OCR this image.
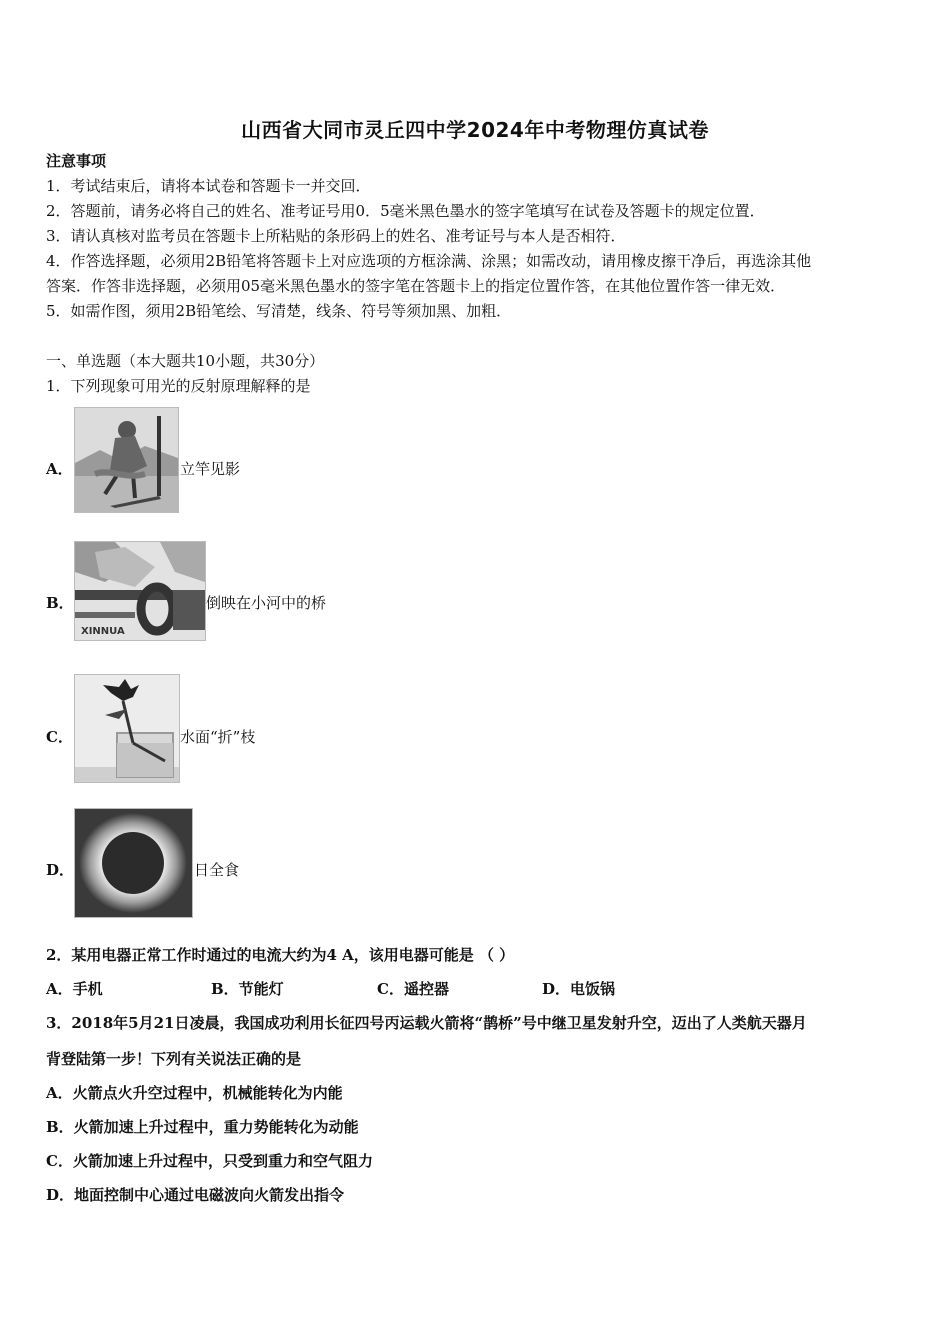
山西省大同市灵丘四中学2024年中考物理仿真试卷
注意事项
1．考试结束后，请将本试卷和答题卡一并交回．
2．答题前，请务必将自己的姓名、准考证号用0．5毫米黑色墨水的签字笔填写在试卷及答题卡的规定位置．
3．请认真核对监考员在答题卡上所粘贴的条形码上的姓名、准考证号与本人是否相符．
4．作答选择题，必须用2B铅笔将答题卡上对应选项的方框涂满、涂黑；如需改动，请用橡皮擦干净后，再选涂其他
答案．作答非选择题，必须用05毫米黑色墨水的签字笔在答题卡上的指定位置作答，在其他位置作答一律无效．
5．如需作图，须用2B铅笔绘、写清楚，线条、符号等须加黑、加粗．
一、单选题（本大题共10小题，共30分）
1．下列现象可用光的反射原理解释的是
A．	立竿见影
B．
XINNUA
倒映在小河中的桥
C．	水面“折”枝
D．	日全食
2．某用电器正常工作时通过的电流大约为4 A，该用电器可能是 （ ）
A．手机	B．节能灯	C．遥控器	D．电饭锅
3．2018年5月21日凌晨，我国成功利用长征四号丙运载火箭将“鹊桥”号中继卫星发射升空，迈出了人类航天器月
背登陆第一步！下列有关说法正确的是
A．火箭点火升空过程中，机械能转化为内能
B．火箭加速上升过程中，重力势能转化为动能
C．火箭加速上升过程中，只受到重力和空气阻力
D．地面控制中心通过电磁波向火箭发出指令
